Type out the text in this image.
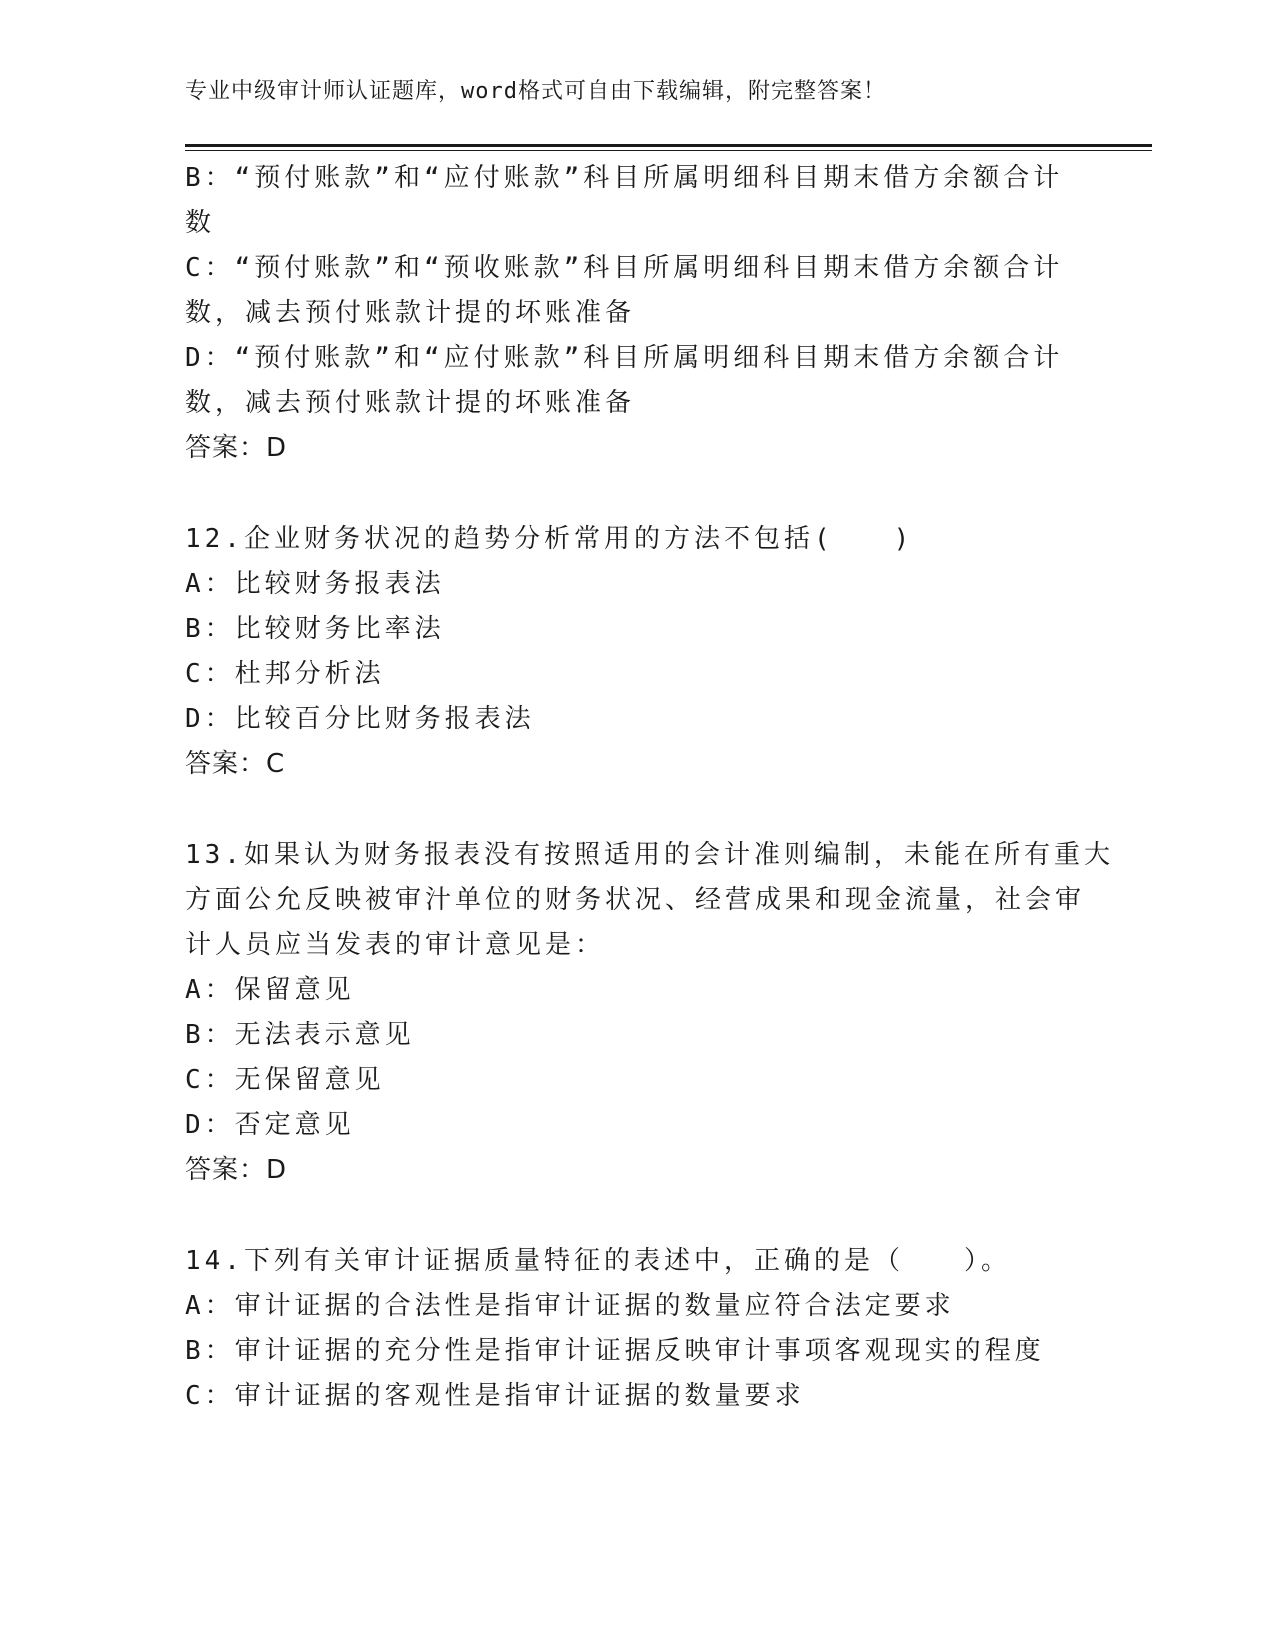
专业中级审计师认证题库，word格式可自由下载编辑，附完整答案！
B：“预付账款”和“应付账款”科目所属明细科目期末借方余额合计
数
C：“预付账款”和“预收账款”科目所属明细科目期末借方余额合计
数，减去预付账款计提的坏账准备
D：“预付账款”和“应付账款”科目所属明细科目期末借方余额合计
数，减去预付账款计提的坏账准备
答案：D
12.企业财务状况的趋势分析常用的方法不包括(　　)
A：比较财务报表法
B：比较财务比率法
C：杜邦分析法
D：比较百分比财务报表法
答案：C
13.如果认为财务报表没有按照适用的会计准则编制，未能在所有重大
方面公允反映被审汁单位的财务状况、经营成果和现金流量，社会审
计人员应当发表的审计意见是：
A：保留意见
B：无法表示意见
C：无保留意见
D：否定意见
答案：D
14.下列有关审计证据质量特征的表述中，正确的是（　　）。
A：审计证据的合法性是指审计证据的数量应符合法定要求
B：审计证据的充分性是指审计证据反映审计事项客观现实的程度
C：审计证据的客观性是指审计证据的数量要求
